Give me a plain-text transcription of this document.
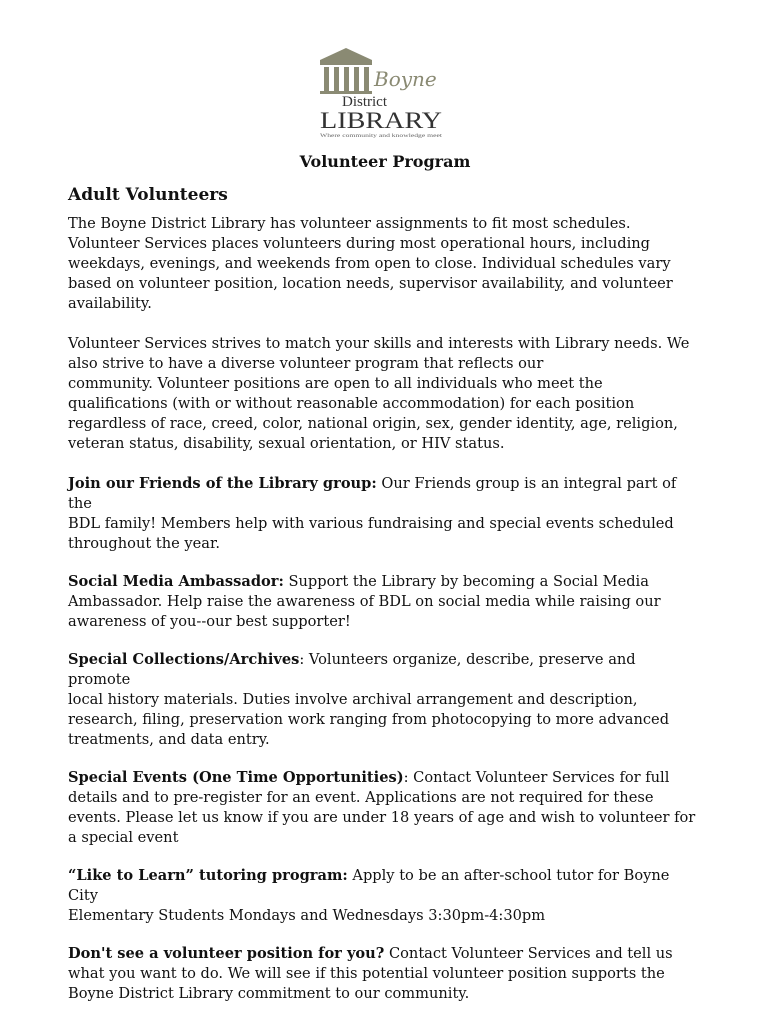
Boyne
District
LIBRARY
Where community and knowledge meet
Volunteer Program
Adult Volunteers

The Boyne District Library has volunteer assignments to fit most schedules.
Volunteer Services places volunteers during most operational hours, including
weekdays, evenings, and weekends from open to close. Individual schedules vary
based on volunteer position, location needs, supervisor availability, and volunteer
availability.

Volunteer Services strives to match your skills and interests with Library needs. We
also strive to have a diverse volunteer program that reflects our
community. Volunteer positions are open to all individuals who meet the
qualifications (with or without reasonable accommodation) for each position
regardless of race, creed, color, national origin, sex, gender identity, age, religion,
veteran status, disability, sexual orientation, or HIV status.

Join our Friends of the Library group: Our Friends group is an integral part of the
BDL family! Members help with various fundraising and special events scheduled
throughout the year.

Social Media Ambassador: Support the Library by becoming a Social Media
Ambassador. Help raise the awareness of BDL on social media while raising our
awareness of you--our best supporter!

Special Collections/Archives: Volunteers organize, describe, preserve and promote
local history materials. Duties involve archival arrangement and description,
research, filing, preservation work ranging from photocopying to more advanced
treatments, and data entry.

Special Events (One Time Opportunities): Contact Volunteer Services for full
details and to pre-register for an event. Applications are not required for these
events. Please let us know if you are under 18 years of age and wish to volunteer for
a special event

“Like to Learn” tutoring program: Apply to be an after-school tutor for Boyne City
Elementary Students Mondays and Wednesdays 3:30pm-4:30pm

Don't see a volunteer position for you? Contact Volunteer Services and tell us
what you want to do. We will see if this potential volunteer position supports the
Boyne District Library commitment to our community.
